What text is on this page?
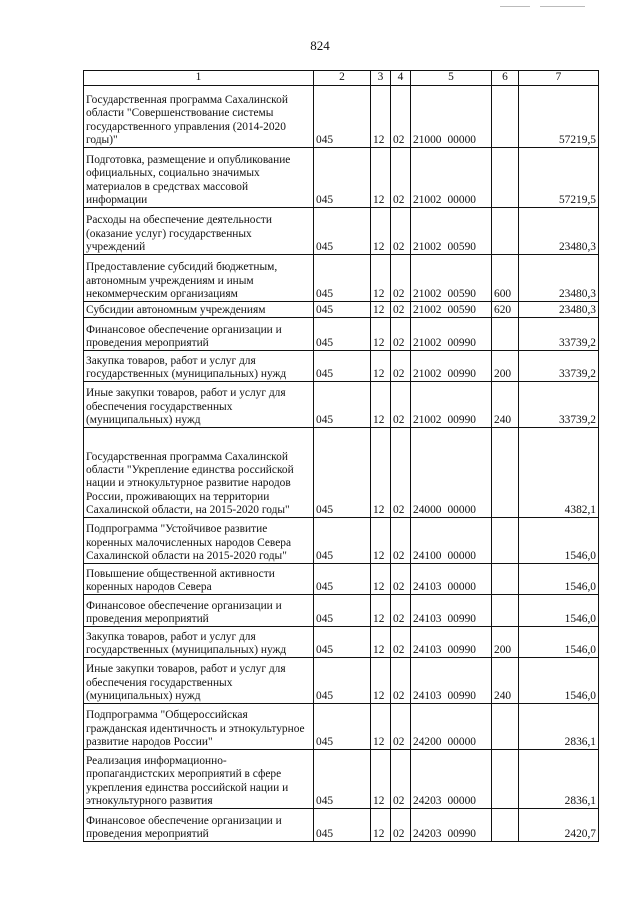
824
1	2	3	4	5	6	7
Государственная программа Сахалинской области "Совершенствование системы государственного управления (2014-2020 годы)"	045	12	02	21000 00000		57219,5
Подготовка, размещение и опубликование официальных, социально значимых материалов в средствах массовой информации	045	12	02	21002 00000		57219,5
Расходы на обеспечение деятельности (оказание услуг) государственных учреждений	045	12	02	21002 00590		23480,3
Предоставление субсидий бюджетным, автономным учреждениям и иным некоммерческим организациям	045	12	02	21002 00590	600	23480,3
Субсидии автономным учреждениям	045	12	02	21002 00590	620	23480,3
Финансовое обеспечение организации и проведения мероприятий	045	12	02	21002 00990		33739,2
Закупка товаров, работ и услуг для государственных (муниципальных) нужд	045	12	02	21002 00990	200	33739,2
Иные закупки товаров, работ и услуг для обеспечения государственных (муниципальных) нужд	045	12	02	21002 00990	240	33739,2
Государственная программа Сахалинской области "Укрепление единства российской нации и этнокультурное развитие народов России, проживающих на территории Сахалинской области, на 2015-2020 годы"	045	12	02	24000 00000		4382,1
Подпрограмма "Устойчивое развитие коренных малочисленных народов Севера Сахалинской области на 2015-2020 годы"	045	12	02	24100 00000		1546,0
Повышение общественной активности коренных народов Севера	045	12	02	24103 00000		1546,0
Финансовое обеспечение организации и проведения мероприятий	045	12	02	24103 00990		1546,0
Закупка товаров, работ и услуг для государственных (муниципальных) нужд	045	12	02	24103 00990	200	1546,0
Иные закупки товаров, работ и услуг для обеспечения государственных (муниципальных) нужд	045	12	02	24103 00990	240	1546,0
Подпрограмма "Общероссийская гражданская идентичность и этнокультурное развитие народов России"	045	12	02	24200 00000		2836,1
Реализация информационно-пропагандистских мероприятий в сфере укрепления единства российской нации и этнокультурного развития	045	12	02	24203 00000		2836,1
Финансовое обеспечение организации и проведения мероприятий	045	12	02	24203 00990		2420,7
